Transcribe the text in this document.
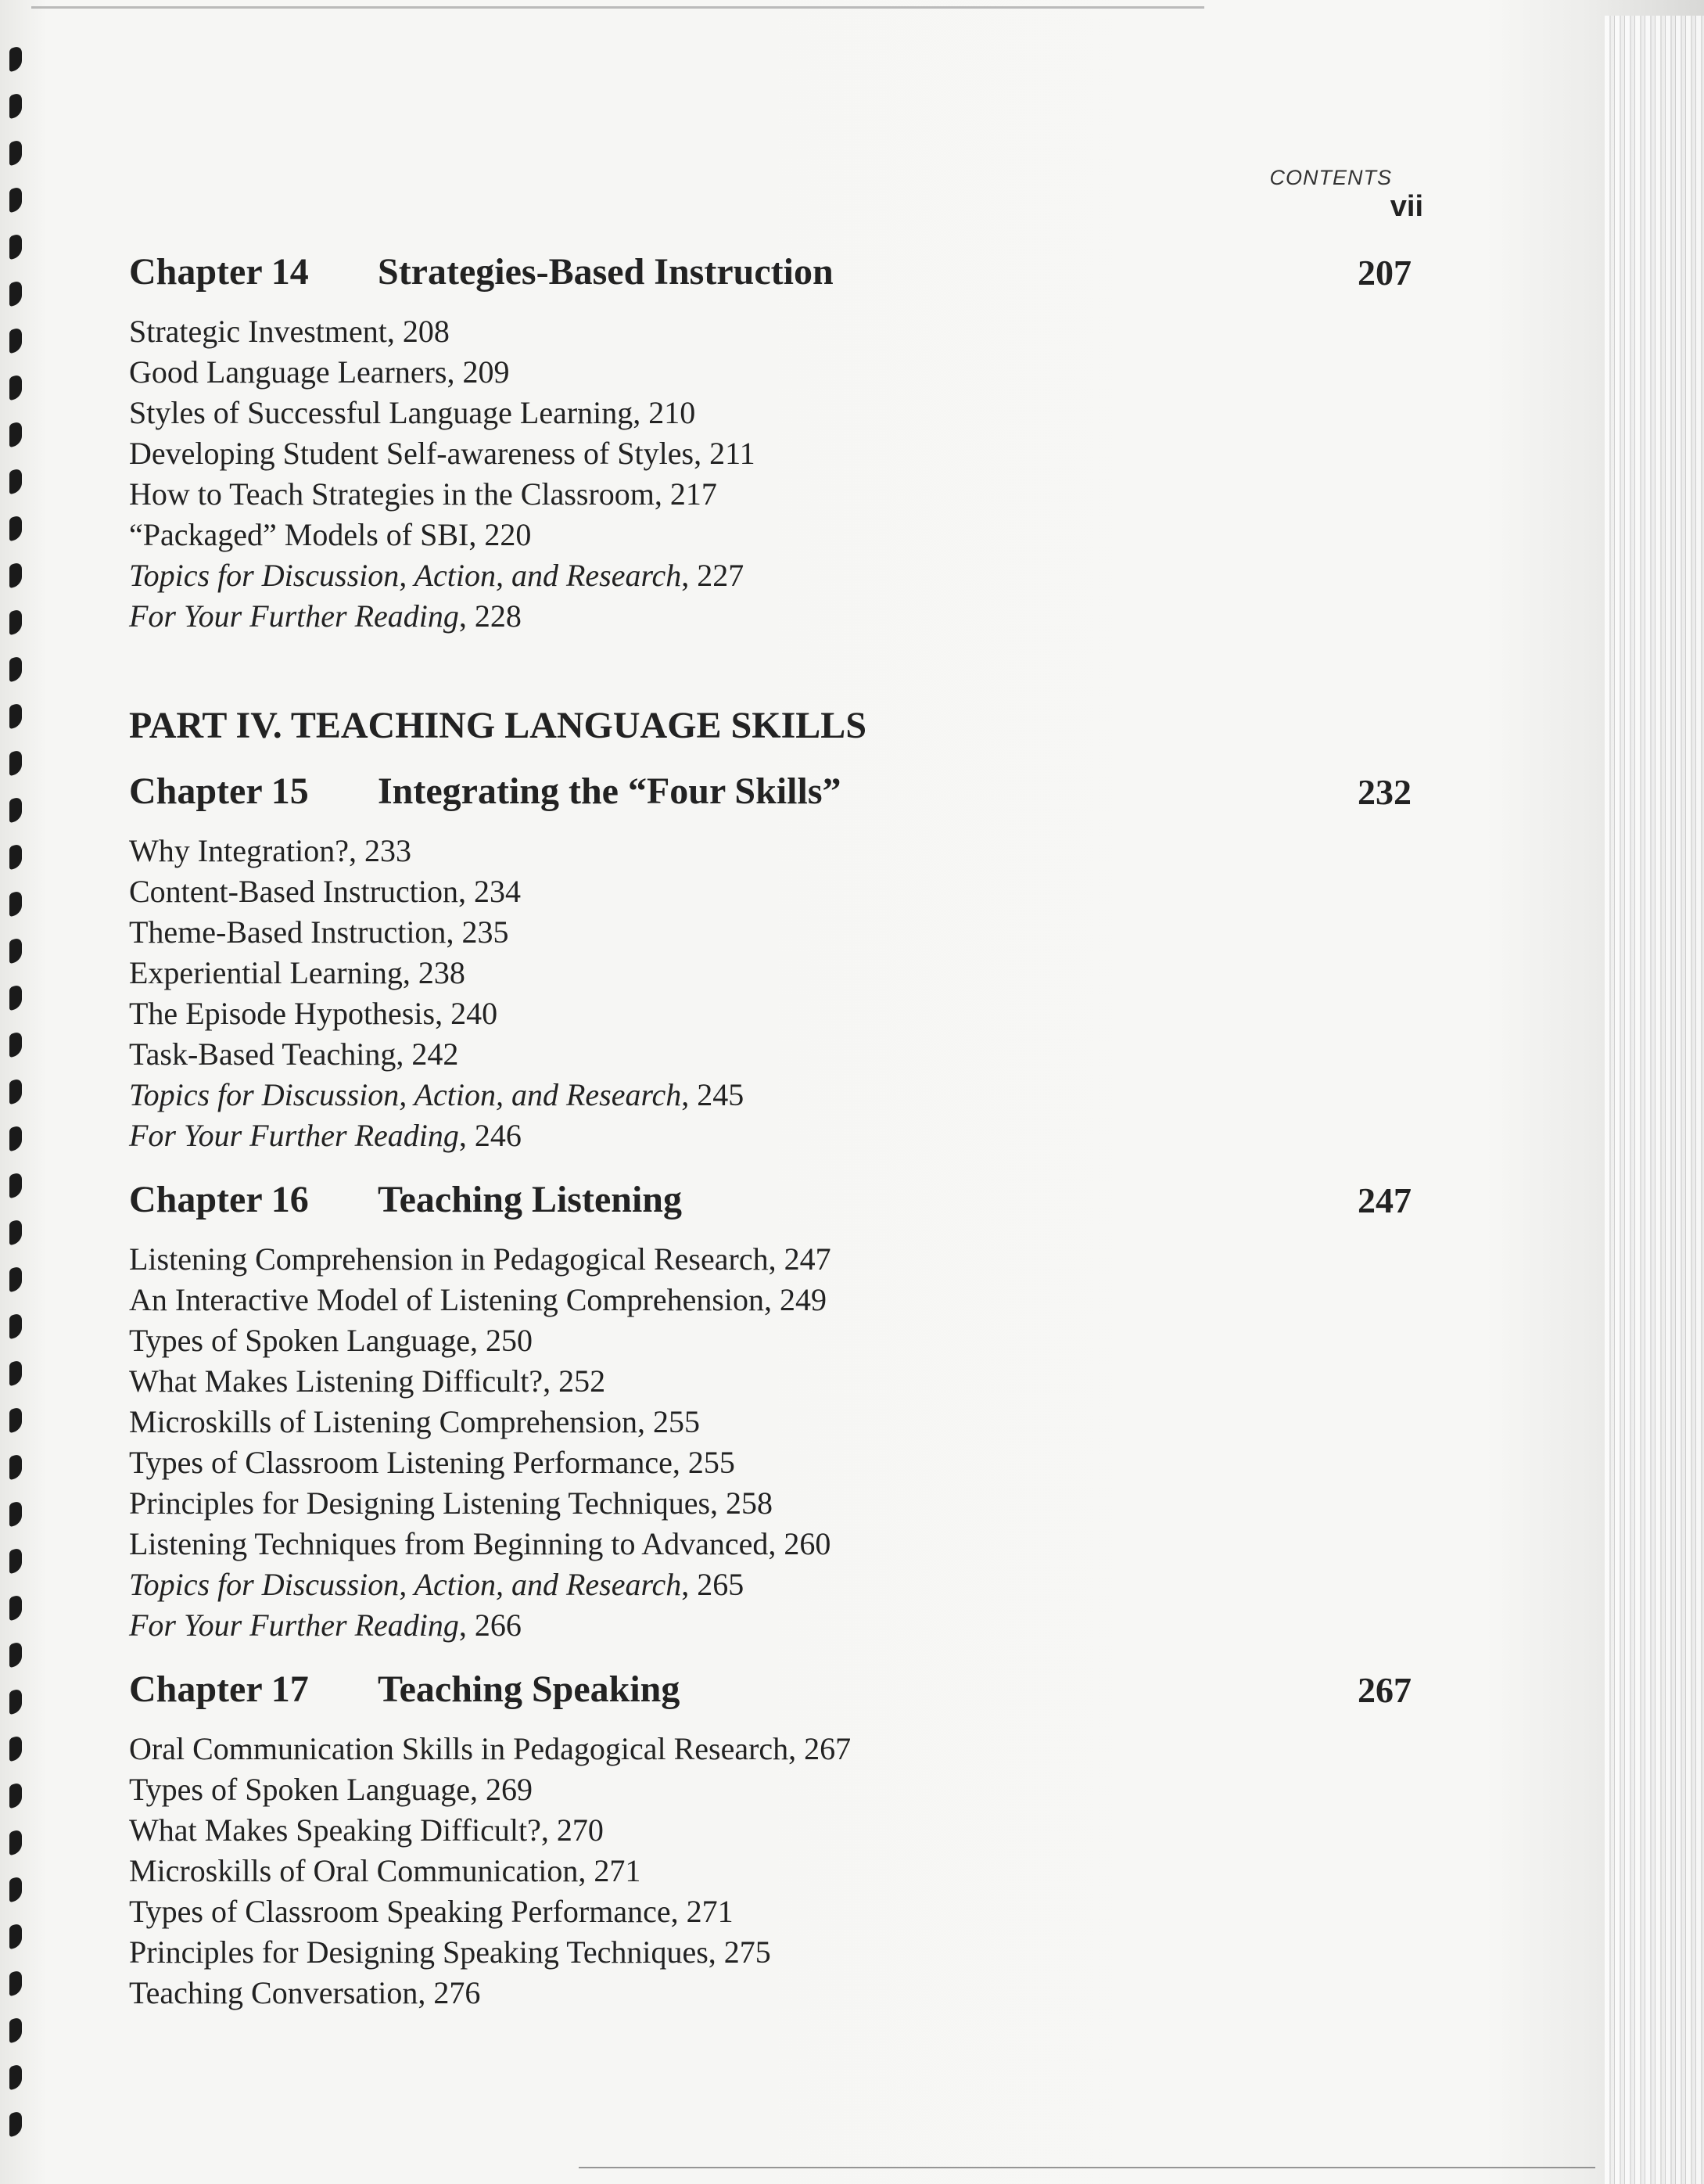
CONTENTS vii
Chapter 14 Strategies-Based Instruction	207
Strategic Investment, 208
Good Language Learners, 209
Styles of Successful Language Learning, 210
Developing Student Self-awareness of Styles, 211
How to Teach Strategies in the Classroom, 217
“Packaged” Models of SBI, 220
Topics for Discussion, Action, and Research, 227
For Your Further Reading, 228
PART IV. TEACHING LANGUAGE SKILLS
Chapter 15 Integrating the “Four Skills”	232
Why Integration?, 233
Content-Based Instruction, 234
Theme-Based Instruction, 235
Experiential Learning, 238
The Episode Hypothesis, 240
Task-Based Teaching, 242
Topics for Discussion, Action, and Research, 245
For Your Further Reading, 246
Chapter 16 Teaching Listening	247
Listening Comprehension in Pedagogical Research, 247
An Interactive Model of Listening Comprehension, 249
Types of Spoken Language, 250
What Makes Listening Difficult?, 252
Microskills of Listening Comprehension, 255
Types of Classroom Listening Performance, 255
Principles for Designing Listening Techniques, 258
Listening Techniques from Beginning to Advanced, 260
Topics for Discussion, Action, and Research, 265
For Your Further Reading, 266
Chapter 17 Teaching Speaking	267
Oral Communication Skills in Pedagogical Research, 267
Types of Spoken Language, 269
What Makes Speaking Difficult?, 270
Microskills of Oral Communication, 271
Types of Classroom Speaking Performance, 271
Principles for Designing Speaking Techniques, 275
Teaching Conversation, 276
